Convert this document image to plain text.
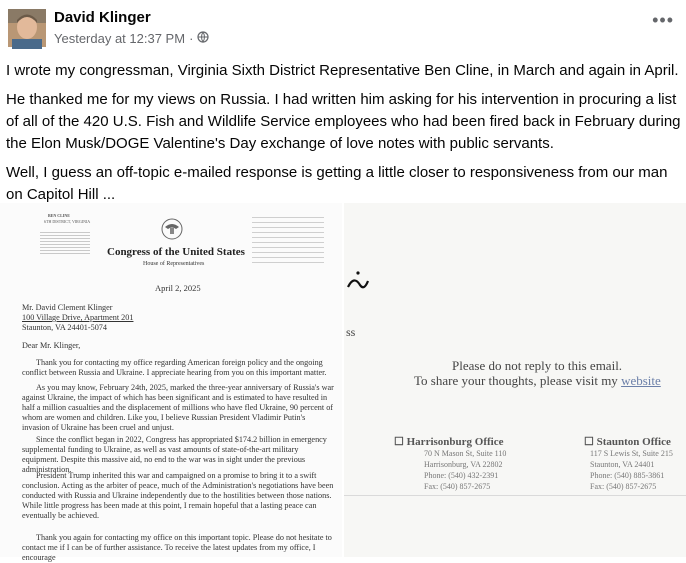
David Klinger
Yesterday at 12:37 PM ·
•••

I wrote my congressman, Virginia Sixth District Representative Ben Cline, in March and again in April.

He thanked me for my views on Russia. I had written him asking for his intervention in procuring a list of all of the 420 U.S. Fish and Wildlife Service employees who had been fired back in February during the Elon Musk/DOGE Valentine's Day exchange of love notes with public servants.

Well, I guess an off-topic e-mailed response is getting a little closer to responsiveness from our man on Capitol Hill ...

BEN CLINE
6TH DISTRICT, VIRGINIA
Congress of the United States
House of Representatives
April 2, 2025
Mr. David Clement Klinger
100 Village Drive, Apartment 201
Staunton, VA 24401-5074
Dear Mr. Klinger,
Thank you for contacting my office regarding American foreign policy and the ongoing conflict between Russia and Ukraine. I appreciate hearing from you on this important matter.
As you may know, February 24th, 2025, marked the three-year anniversary of Russia's war against Ukraine, the impact of which has been significant and is estimated to have resulted in half a million casualties and the displacement of millions who have fled Ukraine, 90 percent of whom are women and children. Like you, I believe Russian President Vladimir Putin's invasion of Ukraine has been cruel and unjust.
Since the conflict began in 2022, Congress has appropriated $174.2 billion in emergency supplemental funding to Ukraine, as well as vast amounts of state-of-the-art military equipment. Despite this massive aid, no end to the war was in sight under the previous administration.
President Trump inherited this war and campaigned on a promise to bring it to a swift conclusion. Acting as the arbiter of peace, much of the Administration's negotiations have been conducted with Russia and Ukraine independently due to the hostilities between those nations. While little progress has been made at this point, I remain hopeful that a lasting peace can eventually be achieved.
Thank you again for contacting my office on this important topic. Please do not hesitate to contact me if I can be of further assistance. To receive the latest updates from my office, I encourage
ss
Please do not reply to this email.
To share your thoughts, please visit my website
☐ Harrisonburg Office
70 N Mason St, Suite 110
Harrisonburg, VA 22802
Phone: (540) 432-2391
Fax: (540) 857-2675
☐ Staunton Office
117 S Lewis St, Suite 215
Staunton, VA 24401
Phone: (540) 885-3861
Fax: (540) 857-2675
